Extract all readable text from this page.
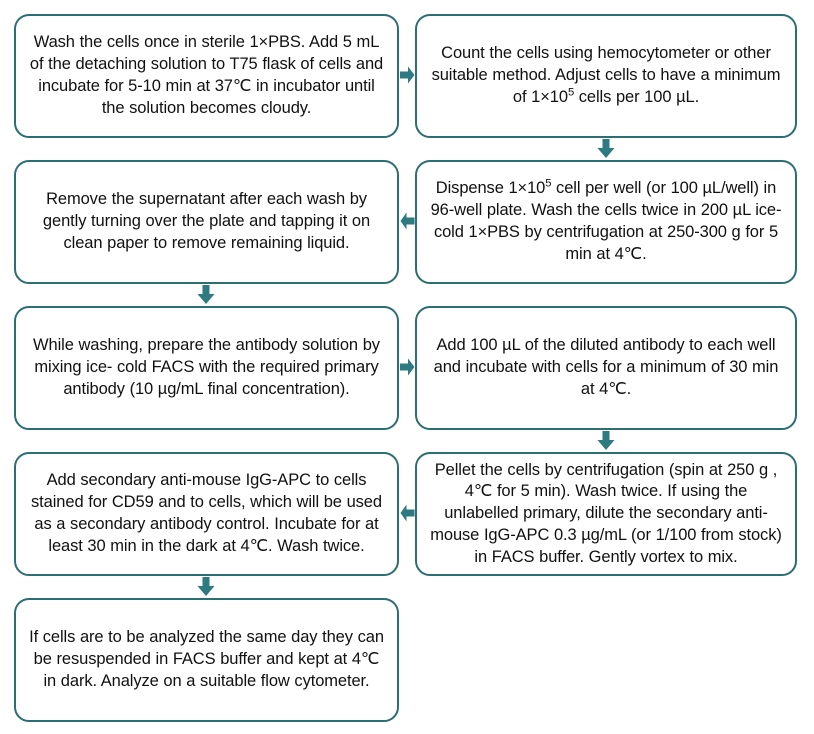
Wash the cells once in sterile 1×PBS. Add 5 mL of the detaching solution to T75 flask of cells and incubate for 5-10 min at 37℃ in incubator until the solution becomes cloudy.
Count the cells using hemocytometer or other suitable method. Adjust cells to have a minimum of $1\times 10^5$ cells per 100 µL.
Dispense $1\times 10^5$ cell per well (or 100 µL/well) in 96-well plate. Wash the cells twice in 200 µL ice-cold 1×PBS by centrifugation at 250-300 g for 5 min at 4℃.
Remove the supernatant after each wash by gently turning over the plate and tapping it on clean paper to remove remaining liquid.
While washing, prepare the antibody solution by mixing ice- cold FACS with the required primary antibody (10 µg/mL final concentration).
Add 100 µL of the diluted antibody to each well and incubate with cells for a minimum of 30 min at 4℃.
Pellet the cells by centrifugation (spin at 250 g , 4℃ for 5 min). Wash twice. If using the unlabelled primary, dilute the secondary anti-mouse IgG-APC 0.3 µg/mL (or 1/100 from stock) in FACS buffer. Gently vortex to mix.
Add secondary anti-mouse IgG-APC to cells stained for CD59 and to cells, which will be used as a secondary antibody control. Incubate for at least 30 min in the dark at 4℃. Wash twice.
If cells are to be analyzed the same day they can be resuspended in FACS buffer and kept at 4℃ in dark. Analyze on a suitable flow cytometer.
